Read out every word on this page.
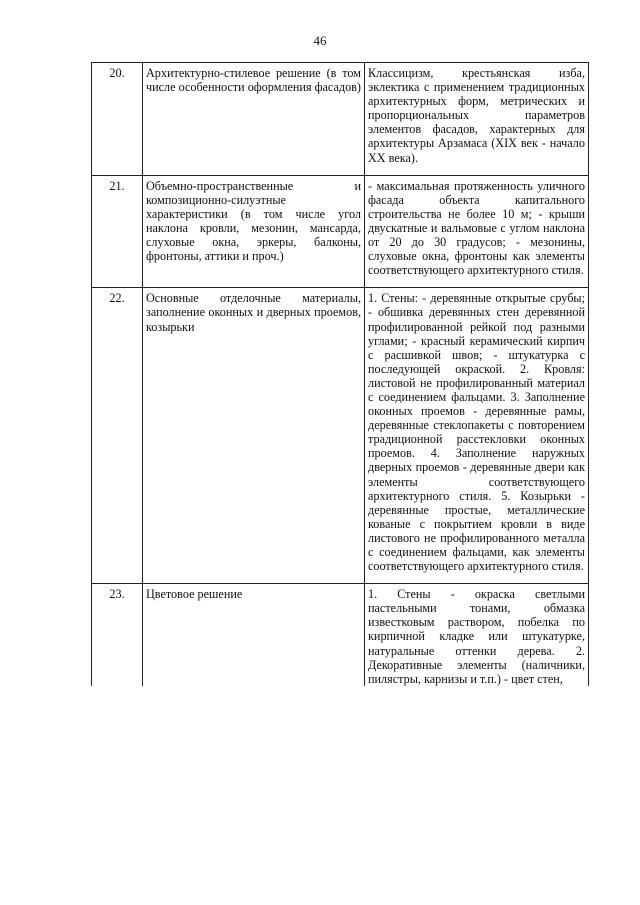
46
20.	Архитектурно-стилевое решение (в том числе особенности оформления фасадов)	Классицизм, крестьянская изба, эклектика с применением традиционных архитектурных форм, метрических и пропорциональных параметров элементов фасадов, характерных для архитектуры Арзамаса (XIX век - начало XX века).
21.	Объемно-пространственные и композиционно-силуэтные характеристики (в том числе угол наклона кровли, мезонин, мансарда, слуховые окна, эркеры, балконы, фронтоны, аттики и проч.)	- максимальная протяженность уличного фасада объекта капитального строительства не более 10 м; - крыши двускатные и вальмовые с углом наклона от 20 до 30 градусов; - мезонины, слуховые окна, фронтоны как элементы соответствующего архитектурного стиля.
22.	Основные отделочные материалы, заполнение оконных и дверных проемов, козырьки	1. Стены: - деревянные открытые срубы; - обшивка деревянных стен деревянной профилированной рейкой под разными углами; - красный керамический кирпич с расшивкой швов; - штукатурка с последующей окраской. 2. Кровля: листовой не профилированный материал с соединением фальцами. 3. Заполнение оконных проемов - деревянные рамы, деревянные стеклопакеты с повторением традиционной расстекловки оконных проемов. 4. Заполнение наружных дверных проемов - деревянные двери как элементы соответствующего архитектурного стиля. 5. Козырьки - деревянные простые, металлические кованые с покрытием кровли в виде листового не профилированного металла с соединением фальцами, как элементы соответствующего архитектурного стиля.
23.	Цветовое решение	1. Стены - окраска светлыми пастельными тонами, обмазка известковым раствором, побелка по кирпичной кладке или штукатурке, натуральные оттенки дерева. 2. Декоративные элементы (наличники, пилястры, карнизы и т.п.) - цвет стен,
